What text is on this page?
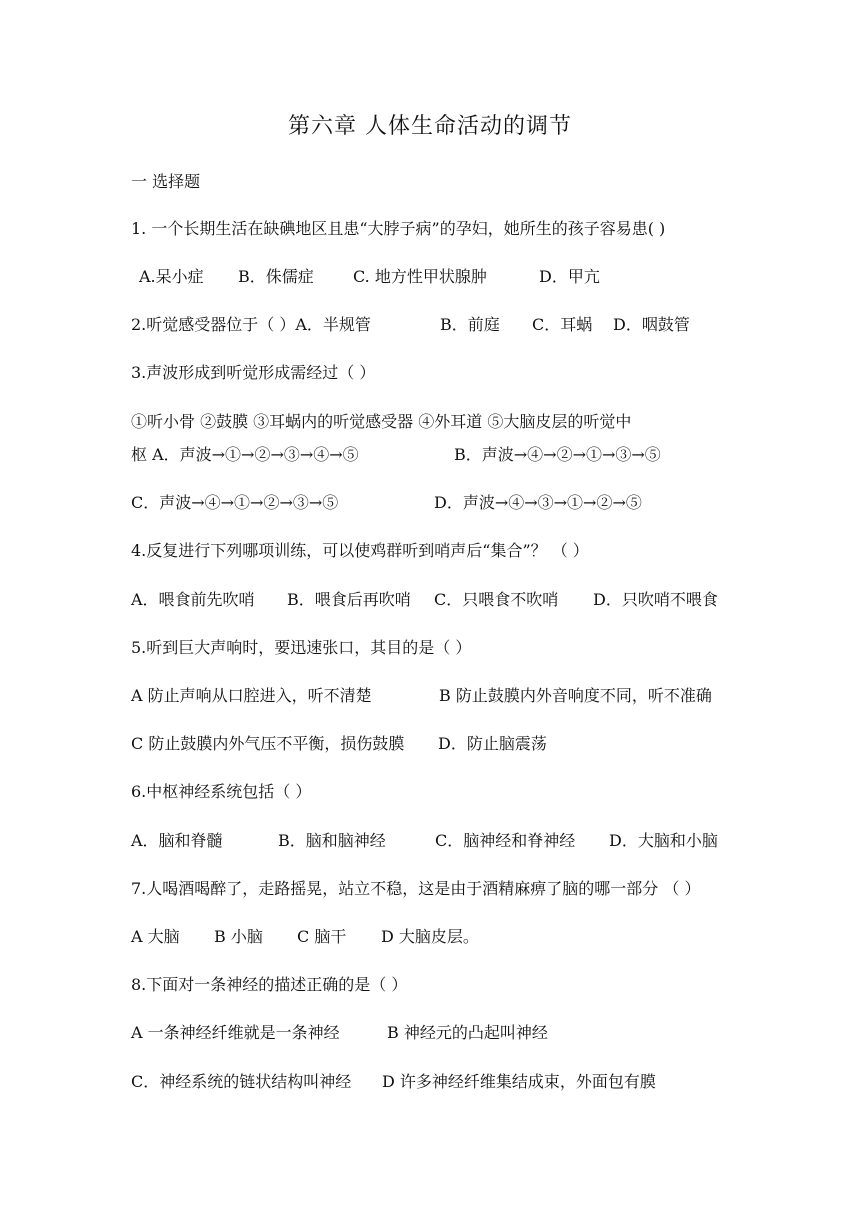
第六章 人体生命活动的调节
一 选择题
1. 一个长期生活在缺碘地区且患“大脖子病”的孕妇，她所生的孩子容易患( )
A.呆小症 B．侏儒症 C. 地方性甲状腺肿	D．甲亢
2.听觉感受器位于（ ）A．半规管	B．前庭 C．耳蜗 D．咽鼓管
3.声波形成到听觉形成需经过（ ）
①听小骨 ②鼓膜 ③耳蜗内的听觉感受器 ④外耳道 ⑤大脑皮层的听觉中
枢 A．声波→①→②→③→④→⑤	B．声波→④→②→①→③→⑤
C．声波→④→①→②→③→⑤	D．声波→④→③→①→②→⑤
4.反复进行下列哪项训练，可以使鸡群听到哨声后“集合”？ （ ）
A．喂食前先吹哨 B．喂食后再吹哨 C．只喂食不吹哨 D．只吹哨不喂食
5.听到巨大声响时，要迅速张口，其目的是（ ）
A 防止声响从口腔进入，听不清楚	B 防止鼓膜内外音响度不同，听不准确
C 防止鼓膜内外气压不平衡，损伤鼓膜 D．防止脑震荡
6.中枢神经系统包括（ ）
A．脑和脊髓	B．脑和脑神经	C．脑神经和脊神经 D．大脑和小脑
7.人喝酒喝醉了，走路摇晃，站立不稳，这是由于酒精麻痹了脑的哪一部分 （ ）
A 大脑 B 小脑 C 脑干 D 大脑皮层。
8.下面对一条神经的描述正确的是（ ）
A 一条神经纤维就是一条神经	B 神经元的凸起叫神经
C．神经系统的链状结构叫神经 D 许多神经纤维集结成束，外面包有膜
